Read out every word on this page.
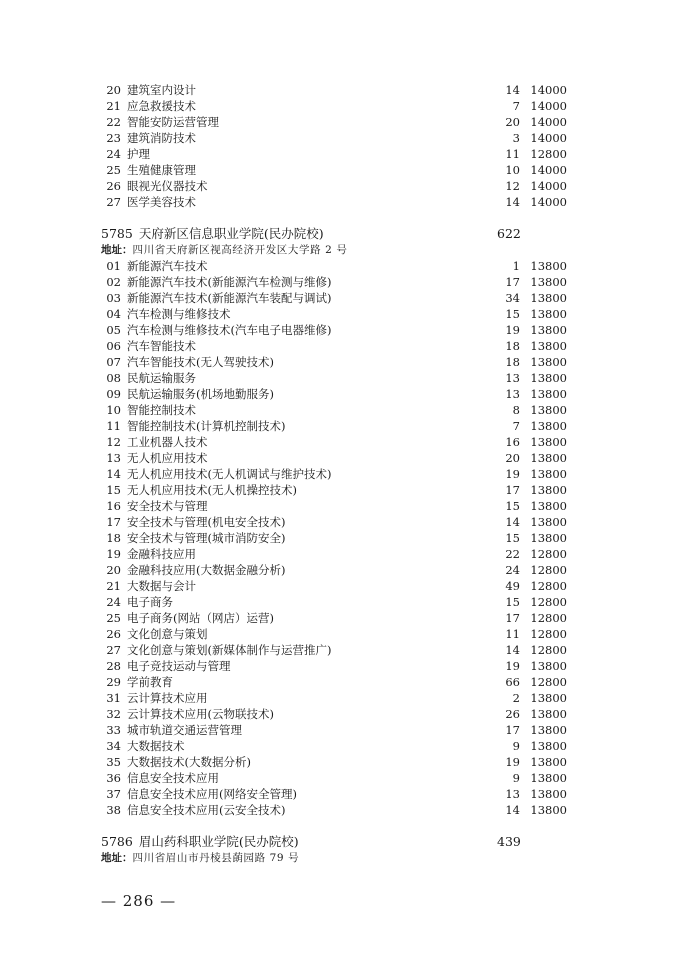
20 建筑室内设计	14 14000
21 应急救援技术	7 14000
22 智能安防运营管理	20 14000
23 建筑消防技术	3 14000
24 护理	11 12800
25 生殖健康管理	10 14000
26 眼视光仪器技术	12 14000
27 医学美容技术	14 14000
5785 天府新区信息职业学院(民办院校)	622
地址：四川省天府新区视高经济开发区大学路 2 号
01 新能源汽车技术	1 13800
02 新能源汽车技术(新能源汽车检测与维修)	17 13800
03 新能源汽车技术(新能源汽车装配与调试)	34 13800
04 汽车检测与维修技术	15 13800
05 汽车检测与维修技术(汽车电子电器维修)	19 13800
06 汽车智能技术	18 13800
07 汽车智能技术(无人驾驶技术)	18 13800
08 民航运输服务	13 13800
09 民航运输服务(机场地勤服务)	13 13800
10 智能控制技术	8 13800
11 智能控制技术(计算机控制技术)	7 13800
12 工业机器人技术	16 13800
13 无人机应用技术	20 13800
14 无人机应用技术(无人机调试与维护技术)	19 13800
15 无人机应用技术(无人机操控技术)	17 13800
16 安全技术与管理	15 13800
17 安全技术与管理(机电安全技术)	14 13800
18 安全技术与管理(城市消防安全)	15 13800
19 金融科技应用	22 12800
20 金融科技应用(大数据金融分析)	24 12800
21 大数据与会计	49 12800
24 电子商务	15 12800
25 电子商务(网站（网店）运营)	17 12800
26 文化创意与策划	11 12800
27 文化创意与策划(新媒体制作与运营推广)	14 12800
28 电子竞技运动与管理	19 13800
29 学前教育	66 12800
31 云计算技术应用	2 13800
32 云计算技术应用(云物联技术)	26 13800
33 城市轨道交通运营管理	17 13800
34 大数据技术	9 13800
35 大数据技术(大数据分析)	19 13800
36 信息安全技术应用	9 13800
37 信息安全技术应用(网络安全管理)	13 13800
38 信息安全技术应用(云安全技术)	14 13800
5786 眉山药科职业学院(民办院校)	439
地址：四川省眉山市丹棱县蓢园路 79 号
— 286 —
